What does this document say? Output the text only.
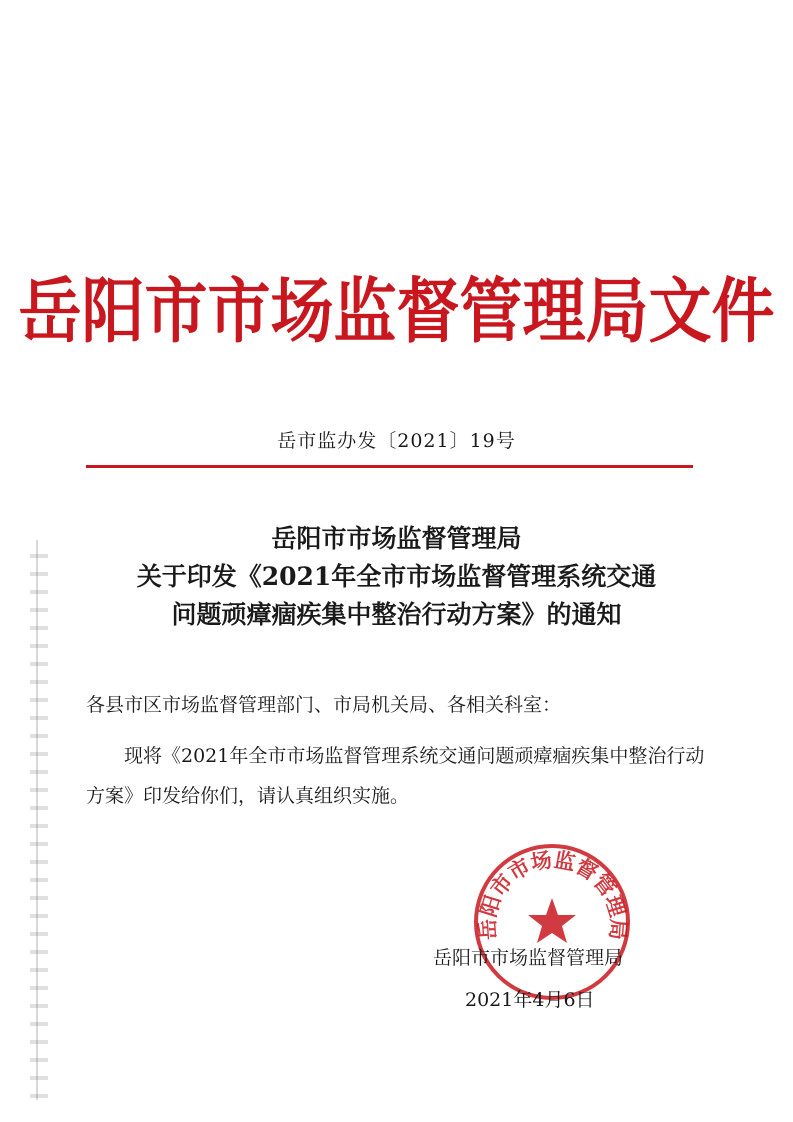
岳阳市市场监督管理局文件
岳市监办发〔2021〕19号
岳阳市市场监督管理局
关于印发《2021年全市市场监督管理系统交通
问题顽瘴痼疾集中整治行动方案》的通知
各县市区市场监督管理部门、市局机关局、各相关科室：
现将《2021年全市市场监督管理系统交通问题顽瘴痼疾集中整治行动方案》印发给你们，请认真组织实施。
岳阳市市场监督管理局
岳阳市市场监督管理局
2021年4月6日
